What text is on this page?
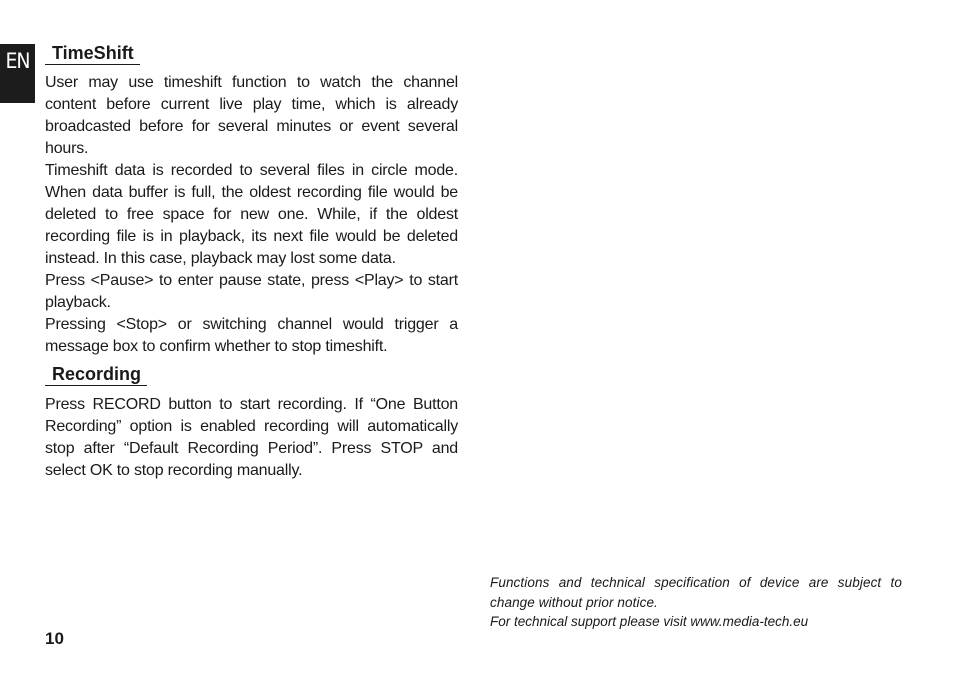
EN	TimeShift

User may use timeshift function to watch the channel content before current live play time, which is already broadcasted before for several minutes or event several hours.

Timeshift data is recorded to several files in circle mode. When data buffer is full, the oldest recording file would be deleted to free space for new one. While, if the oldest recording file is in playback, its next file would be deleted instead. In this case, playback may lost some data.

Press <Pause> to enter pause state, press <Play> to start playback.

Pressing <Stop> or switching channel would trigger a message box to confirm whether to stop timeshift.

Recording

Press RECORD button to start recording. If “One Button Recording” option is enabled recording will automatically stop after “Default Recording Period”. Press STOP and select OK to stop recording manually.

Functions and technical specification of device are subject to change without prior notice.

For technical support please visit www.media-tech.eu

10
